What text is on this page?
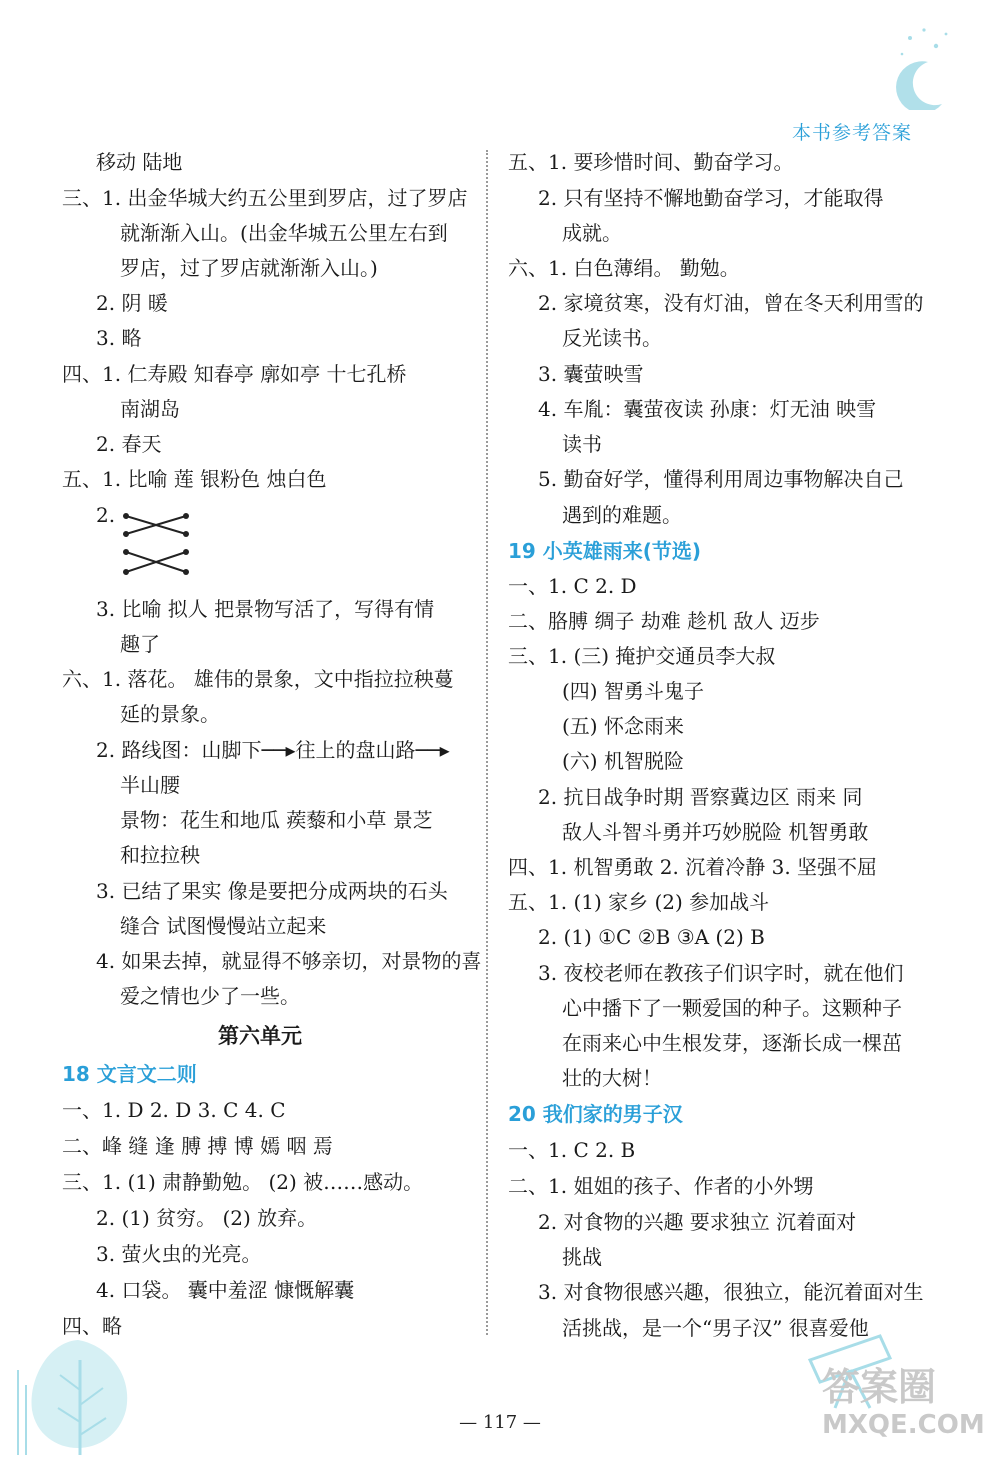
本书参考答案
移动 陆地
三、1. 出金华城大约五公里到罗店，过了罗店
就渐渐入山。(出金华城五公里左右到
罗店，过了罗店就渐渐入山。)
2. 阴 暖
3. 略
四、1. 仁寿殿 知春亭 廓如亭 十七孔桥
南湖岛
2. 春天
五、1. 比喻 莲 银粉色 烛白色
2.
3. 比喻 拟人 把景物写活了，写得有情
趣了
六、1. 落花。 雄伟的景象，文中指拉拉秧蔓
延的景象。
2. 路线图：山脚下──▸往上的盘山路──▸
半山腰
景物：花生和地瓜 蒺藜和小草 景芝
和拉拉秧
3. 已结了果实 像是要把分成两块的石头
缝合 试图慢慢站立起来
4. 如果去掉，就显得不够亲切，对景物的喜
爱之情也少了一些。
第六单元
18 文言文二则
一、1. D 2. D 3. C 4. C
二、峰 缝 逢 膊 搏 博 嫣 咽 焉
三、1. (1) 肃静勤勉。 (2) 被……感动。
2. (1) 贫穷。 (2) 放弃。
3. 萤火虫的光亮。
4. 口袋。 囊中羞涩 慷慨解囊
四、略
五、1. 要珍惜时间、勤奋学习。
2. 只有坚持不懈地勤奋学习，才能取得
成就。
六、1. 白色薄绢。 勤勉。
2. 家境贫寒，没有灯油，曾在冬天利用雪的
反光读书。
3. 囊萤映雪
4. 车胤：囊萤夜读 孙康：灯无油 映雪
读书
5. 勤奋好学，懂得利用周边事物解决自己
遇到的难题。
19 小英雄雨来(节选)
一、1. C 2. D
二、胳膊 绸子 劫难 趁机 敌人 迈步
三、1. (三) 掩护交通员李大叔
(四) 智勇斗鬼子
(五) 怀念雨来
(六) 机智脱险
2. 抗日战争时期 晋察冀边区 雨来 同
敌人斗智斗勇并巧妙脱险 机智勇敢
四、1. 机智勇敢 2. 沉着冷静 3. 坚强不屈
五、1. (1) 家乡 (2) 参加战斗
2. (1) ①C ②B ③A (2) B
3. 夜校老师在教孩子们识字时，就在他们
心中播下了一颗爱国的种子。这颗种子
在雨来心中生根发芽，逐渐长成一棵茁
壮的大树！
20 我们家的男子汉
一、1. C 2. B
二、1. 姐姐的孩子、作者的小外甥
2. 对食物的兴趣 要求独立 沉着面对
挑战
3. 对食物很感兴趣，很独立，能沉着面对生
活挑战，是一个“男子汉” 很喜爱他
答案圈
MXQE.COM
— 117 —
